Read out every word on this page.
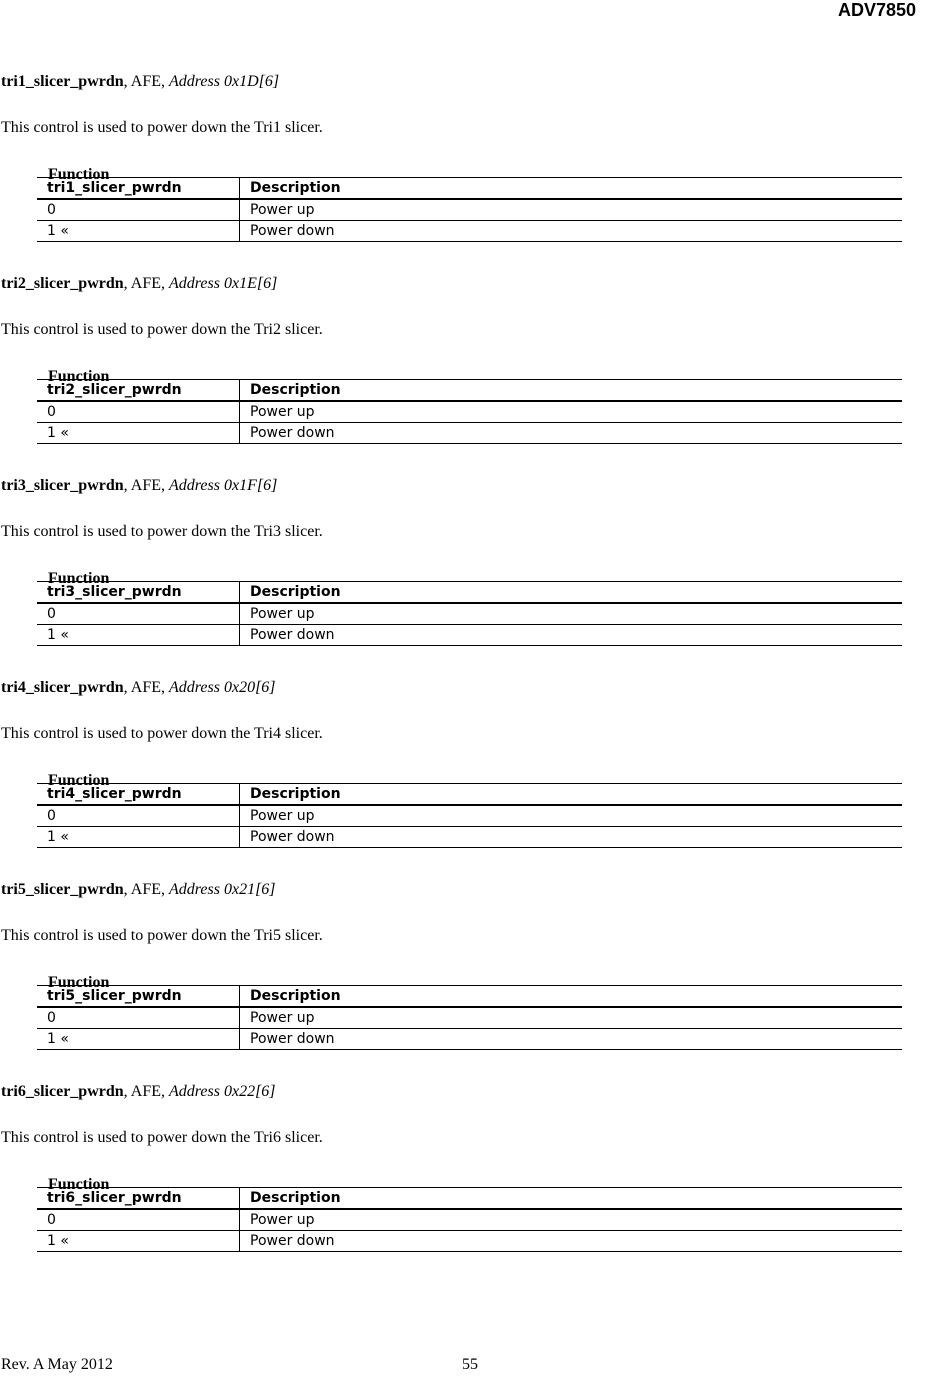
ADV7850
tri1_slicer_pwrdn, AFE, Address 0x1D[6]
This control is used to power down the Tri1 slicer.
Function
tri1_slicer_pwrdn	Description
0	Power up
1 «	Power down
tri2_slicer_pwrdn, AFE, Address 0x1E[6]
This control is used to power down the Tri2 slicer.
Function
tri2_slicer_pwrdn	Description
0	Power up
1 «	Power down
tri3_slicer_pwrdn, AFE, Address 0x1F[6]
This control is used to power down the Tri3 slicer.
Function
tri3_slicer_pwrdn	Description
0	Power up
1 «	Power down
tri4_slicer_pwrdn, AFE, Address 0x20[6]
This control is used to power down the Tri4 slicer.
Function
tri4_slicer_pwrdn	Description
0	Power up
1 «	Power down
tri5_slicer_pwrdn, AFE, Address 0x21[6]
This control is used to power down the Tri5 slicer.
Function
tri5_slicer_pwrdn	Description
0	Power up
1 «	Power down
tri6_slicer_pwrdn, AFE, Address 0x22[6]
This control is used to power down the Tri6 slicer.
Function
tri6_slicer_pwrdn	Description
0	Power up
1 «	Power down
Rev. A May 2012	55
